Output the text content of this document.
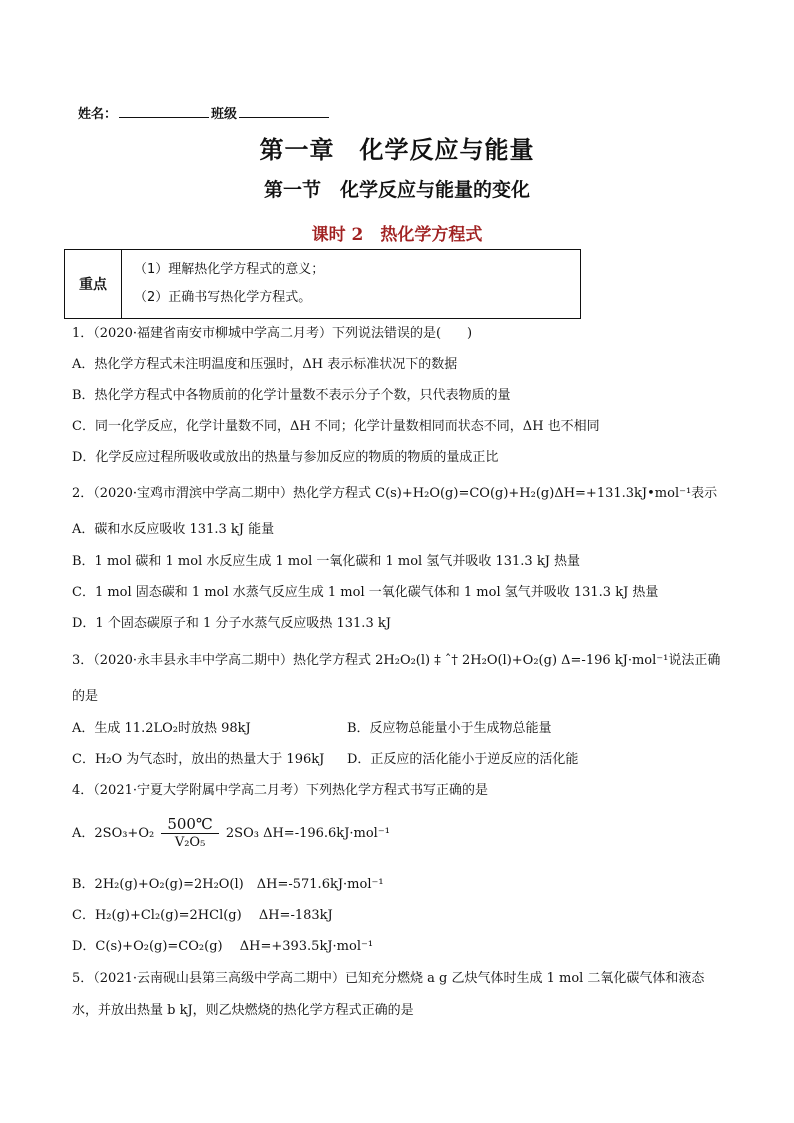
姓名：	班级
第一章　化学反应与能量
第一节　化学反应与能量的变化
课时 2　热化学方程式
重点	
（1）理解热化学方程式的意义；
（2）正确书写热化学方程式。
1．（2020·福建省南安市柳城中学高二月考）下列说法错误的是(　　)
A．热化学方程式未注明温度和压强时，ΔH 表示标准状况下的数据
B．热化学方程式中各物质前的化学计量数不表示分子个数，只代表物质的量
C．同一化学反应，化学计量数不同，ΔH 不同；化学计量数相同而状态不同，ΔH 也不相同
D．化学反应过程所吸收或放出的热量与参加反应的物质的物质的量成正比
2．（2020·宝鸡市渭滨中学高二期中）热化学方程式 C(s)+H₂O(g)=CO(g)+H₂(g)ΔH=+131.3kJ•mol⁻¹表示
A．碳和水反应吸收 131.3 kJ 能量
B．1 mol 碳和 1 mol 水反应生成 1 mol 一氧化碳和 1 mol 氢气并吸收 131.3 kJ 热量
C．1 mol 固态碳和 1 mol 水蒸气反应生成 1 mol 一氧化碳气体和 1 mol 氢气并吸收 131.3 kJ 热量
D．1 个固态碳原子和 1 分子水蒸气反应吸热 131.3 kJ
3．（2020·永丰县永丰中学高二期中）热化学方程式 2H₂O₂(l) ‡ ˆ† 2H₂O(l)+O₂(g) Δ=-196 kJ·mol⁻¹说法正确
的是
A．生成 11.2LO₂时放热 98kJ	B．反应物总能量小于生成物总能量
C．H₂O 为气态时，放出的热量大于 196kJ D．正反应的活化能小于逆反应的活化能
4．（2021·宁夏大学附属中学高二月考）下列热化学方程式书写正确的是
A．$2SO_3+O_2 \frac{500℃}{\text{V₂O₅}} 2SO_3$ ΔH=-196.6kJ·mol⁻¹
B．2H₂(g)+O₂(g)=2H₂O(l)　ΔH=-571.6kJ·mol⁻¹
C．H₂(g)+Cl₂(g)=2HCl(g)　 ΔH=-183kJ
D．C(s)+O₂(g)=CO₂(g)　 ΔH=+393.5kJ·mol⁻¹
5．（2021·云南砚山县第三高级中学高二期中）已知充分燃烧 a g 乙炔气体时生成 1 mol 二氧化碳气体和液态
水，并放出热量 b kJ，则乙炔燃烧的热化学方程式正确的是
